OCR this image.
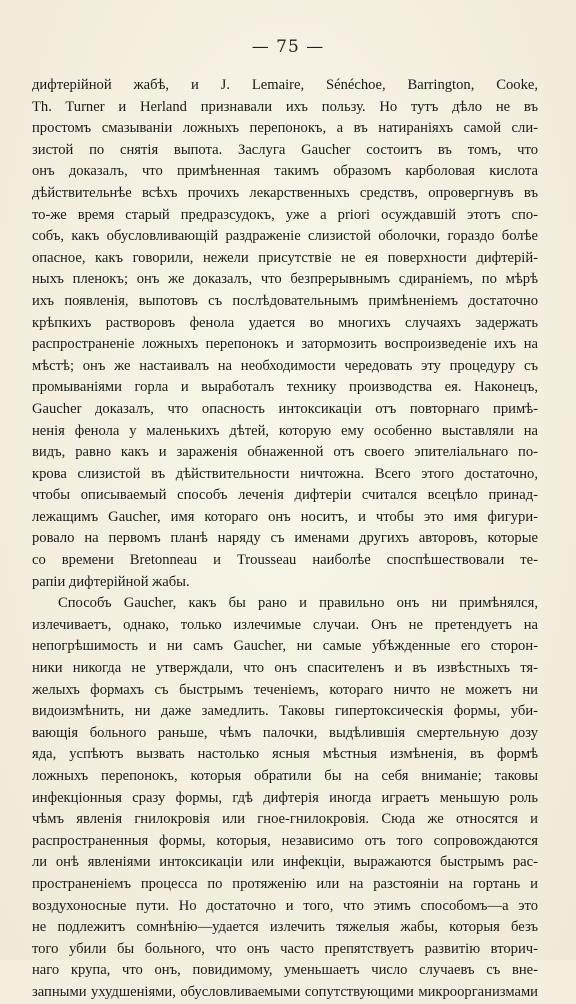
— 75 —
дифтерійной жабѣ, и J. Lemaire, Sénéchoe, Barrington, Cooke,
Th. Turner и Herland признавали ихъ пользу. Но тутъ дѣло не въ
простомъ смазываніи ложныхъ перепонокъ, а въ натираніяхъ самой сли-
зистой по снятія выпота. Заслуга Gaucher состоитъ въ томъ, что
онъ доказалъ, что примѣненная такимъ образомъ карболовая кислота
дѣйствительнѣе всѣхъ прочихъ лекарственныхъ средствъ, опровергнувъ въ
то-же время старый предразсудокъ, уже a priori осуждавшій этотъ спо-
собъ, какъ обусловливающій раздраженіе слизистой оболочки, гораздо болѣе
опасное, какъ говорили, нежели присутствіе не ея поверхности дифтерій-
ныхъ пленокъ; онъ же доказалъ, что безпрерывнымъ сдираніемъ, по мѣрѣ
ихъ появленія, выпотовъ съ послѣдовательнымъ примѣненіемъ достаточно
крѣпкихъ растворовъ фенола удается во многихъ случаяхъ задержать
распространеніе ложныхъ перепонокъ и затормозить воспроизведеніе ихъ на
мѣстѣ; онъ же настаивалъ на необходимости чередовать эту процедуру съ
промываніями горла и выработалъ технику производства ея. Наконецъ,
Gaucher доказалъ, что опасность интоксикаціи отъ повторнаго примѣ-
ненія фенола у маленькихъ дѣтей, которую ему особенно выставляли на
видъ, равно какъ и зараженія обнаженной отъ своего эпителіальнаго по-
крова слизистой въ дѣйствительности ничтожна. Всего этого достаточно,
чтобы описываемый способъ леченія дифтеріи считался всецѣло принад-
лежащимъ Gaucher, имя котораго онъ носитъ, и чтобы это имя фигури-
ровало на первомъ планѣ наряду съ именами другихъ авторовъ, которые
со времени Bretonneau и Trousseau наиболѣе споспѣшествовали те-
рапіи дифтерійной жабы.
Способъ Gaucher, какъ бы рано и правильно онъ ни примѣнялся,
излечиваетъ, однако, только излечимые случаи. Онъ не претендуетъ на
непогрѣшимость и ни самъ Gaucher, ни самые убѣжденные его сторон-
ники никогда не утверждали, что онъ спасителенъ и въ извѣстныхъ тя-
желыхъ формахъ съ быстрымъ теченіемъ, котораго ничто не можетъ ни
видоизмѣнить, ни даже замедлить. Таковы гипертоксическія формы, уби-
вающія больного раньше, чѣмъ палочки, выдѣлившія смертельную дозу
яда, успѣютъ вызвать настолько ясныя мѣстныя измѣненія, въ формѣ
ложныхъ перепонокъ, которыя обратили бы на себя вниманіе; таковы
инфекціонныя сразу формы, гдѣ дифтерія иногда играетъ меньшую роль
чѣмъ явленія гнилокровія или гное-гнилокровія. Сюда же относятся и
распространенныя формы, которыя, независимо отъ того сопровождаются
ли онѣ явленіями интоксикаціи или инфекціи, выражаются быстрымъ рас-
пространеніемъ процесса по протяженію или на разстояніи на гортань и
воздухоносные пути. Но достаточно и того, что этимъ способомъ—а это
не подлежитъ сомнѣнію—удается излечить тяжелыя жабы, которыя безъ
того убили бы больного, что онъ часто препятствуетъ развитію вторич-
наго крупа, что онъ, повидимому, уменьшаетъ число случаевъ съ вне-
запными ухудшеніями, обусловливаемыми сопутствующими микроорганизмами
